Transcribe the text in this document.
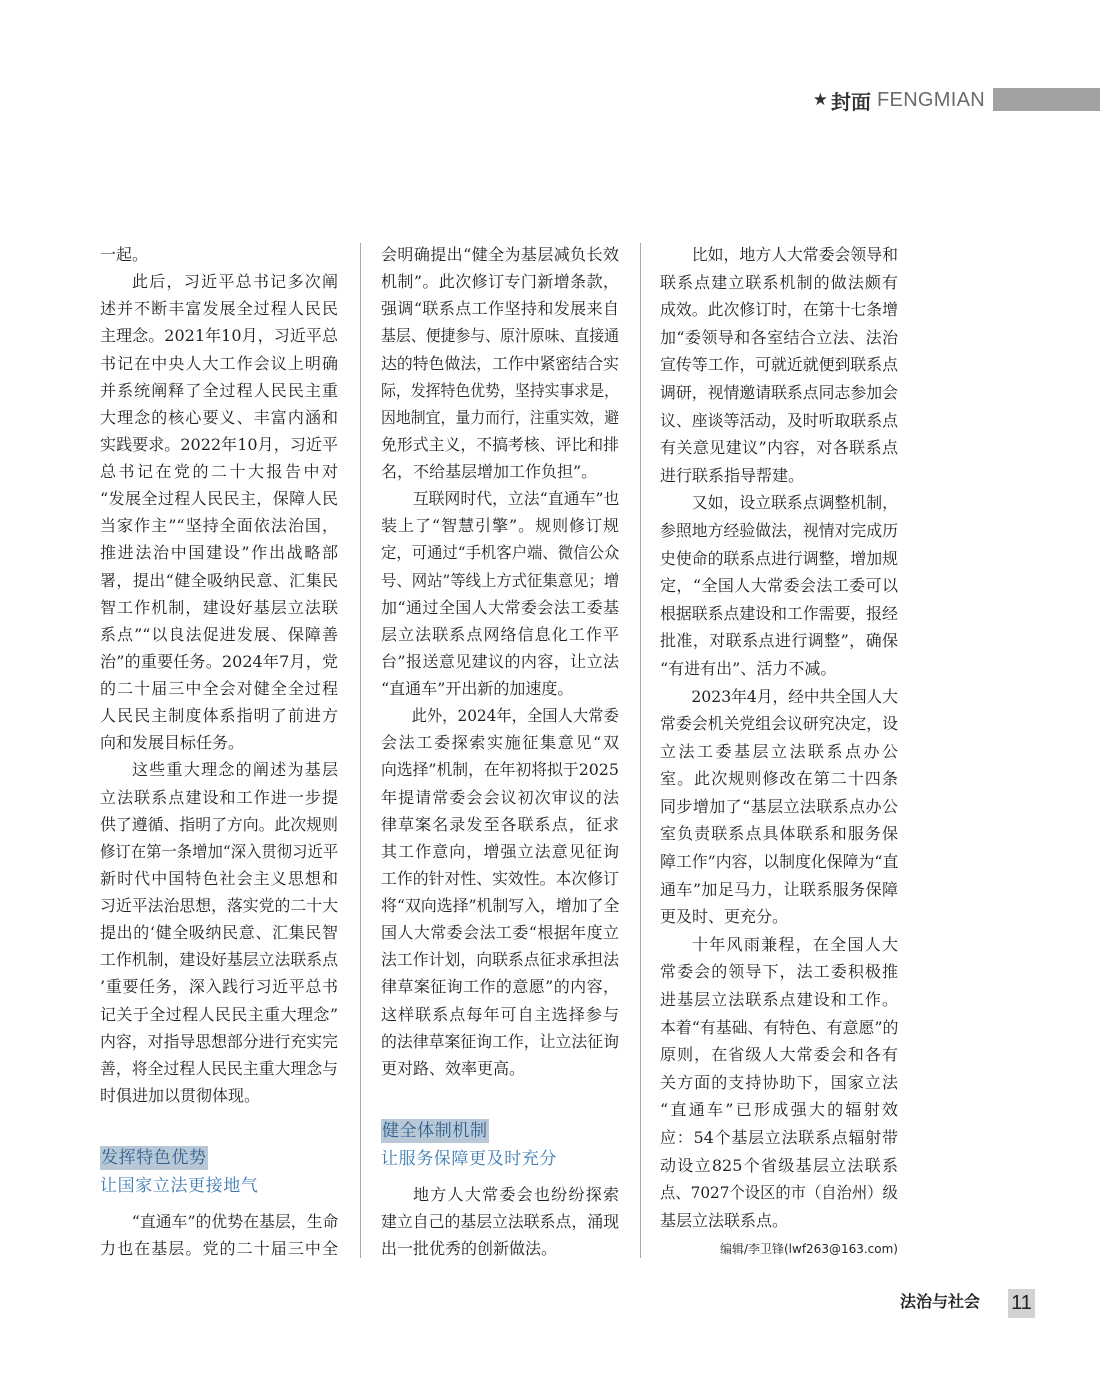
★ 封面 FENGMIAN
一起。
此后，习近平总书记多次阐
述并不断丰富发展全过程人民民
主理念。2021年10月，习近平总
书记在中央人大工作会议上明确
并系统阐释了全过程人民民主重
大理念的核心要义、丰富内涵和
实践要求。2022年10月，习近平
总书记在党的二十大报告中对
“发展全过程人民民主，保障人民
当家作主”“坚持全面依法治国，
推进法治中国建设”作出战略部
署，提出“健全吸纳民意、汇集民
智工作机制，建设好基层立法联
系点”“以良法促进发展、保障善
治”的重要任务。2024年7月，党
的二十届三中全会对健全全过程
人民民主制度体系指明了前进方
向和发展目标任务。
这些重大理念的阐述为基层
立法联系点建设和工作进一步提
供了遵循、指明了方向。此次规则
修订在第一条增加“深入贯彻习近平
新时代中国特色社会主义思想和
习近平法治思想，落实党的二十大
提出的‘健全吸纳民意、汇集民智
工作机制，建设好基层立法联系点
’重要任务，深入践行习近平总书
记关于全过程人民民主重大理念”
内容，对指导思想部分进行充实完
善，将全过程人民民主重大理念与
时俱进加以贯彻体现。
发挥特色优势
让国家立法更接地气
“直通车”的优势在基层，生命
力也在基层。党的二十届三中全
会明确提出“健全为基层减负长效
机制”。此次修订专门新增条款，
强调“联系点工作坚持和发展来自
基层、便捷参与、原汁原味、直接通
达的特色做法，工作中紧密结合实
际，发挥特色优势，坚持实事求是，
因地制宜，量力而行，注重实效，避
免形式主义，不搞考核、评比和排
名，不给基层增加工作负担”。
互联网时代，立法“直通车”也
装上了“智慧引擎”。规则修订规
定，可通过“手机客户端、微信公众
号、网站”等线上方式征集意见；增
加“通过全国人大常委会法工委基
层立法联系点网络信息化工作平
台”报送意见建议的内容，让立法
“直通车”开出新的加速度。
此外，2024年，全国人大常委
会法工委探索实施征集意见“双
向选择”机制，在年初将拟于2025
年提请常委会会议初次审议的法
律草案名录发至各联系点，征求
其工作意向，增强立法意见征询
工作的针对性、实效性。本次修订
将“双向选择”机制写入，增加了全
国人大常委会法工委“根据年度立
法工作计划，向联系点征求承担法
律草案征询工作的意愿”的内容，
这样联系点每年可自主选择参与
的法律草案征询工作，让立法征询
更对路、效率更高。
健全体制机制
让服务保障更及时充分
地方人大常委会也纷纷探索
建立自己的基层立法联系点，涌现
出一批优秀的创新做法。
比如，地方人大常委会领导和
联系点建立联系机制的做法颇有
成效。此次修订时，在第十七条增
加“委领导和各室结合立法、法治
宣传等工作，可就近就便到联系点
调研，视情邀请联系点同志参加会
议、座谈等活动，及时听取联系点
有关意见建议”内容，对各联系点
进行联系指导帮建。
又如，设立联系点调整机制，
参照地方经验做法，视情对完成历
史使命的联系点进行调整，增加规
定，“全国人大常委会法工委可以
根据联系点建设和工作需要，报经
批准，对联系点进行调整”，确保
“有进有出”、活力不减。
2023年4月，经中共全国人大
常委会机关党组会议研究决定，设
立法工委基层立法联系点办公
室。此次规则修改在第二十四条
同步增加了“基层立法联系点办公
室负责联系点具体联系和服务保
障工作”内容，以制度化保障为“直
通车”加足马力，让联系服务保障
更及时、更充分。
十年风雨兼程，在全国人大
常委会的领导下，法工委积极推
进基层立法联系点建设和工作。
本着“有基础、有特色、有意愿”的
原则，在省级人大常委会和各有
关方面的支持协助下，国家立法
“直通车”已形成强大的辐射效
应：54个基层立法联系点辐射带
动设立825个省级基层立法联系
点、7027个设区的市（自治州）级
基层立法联系点。
编辑/李卫锋(lwf263@163.com)
法治与社会 11
